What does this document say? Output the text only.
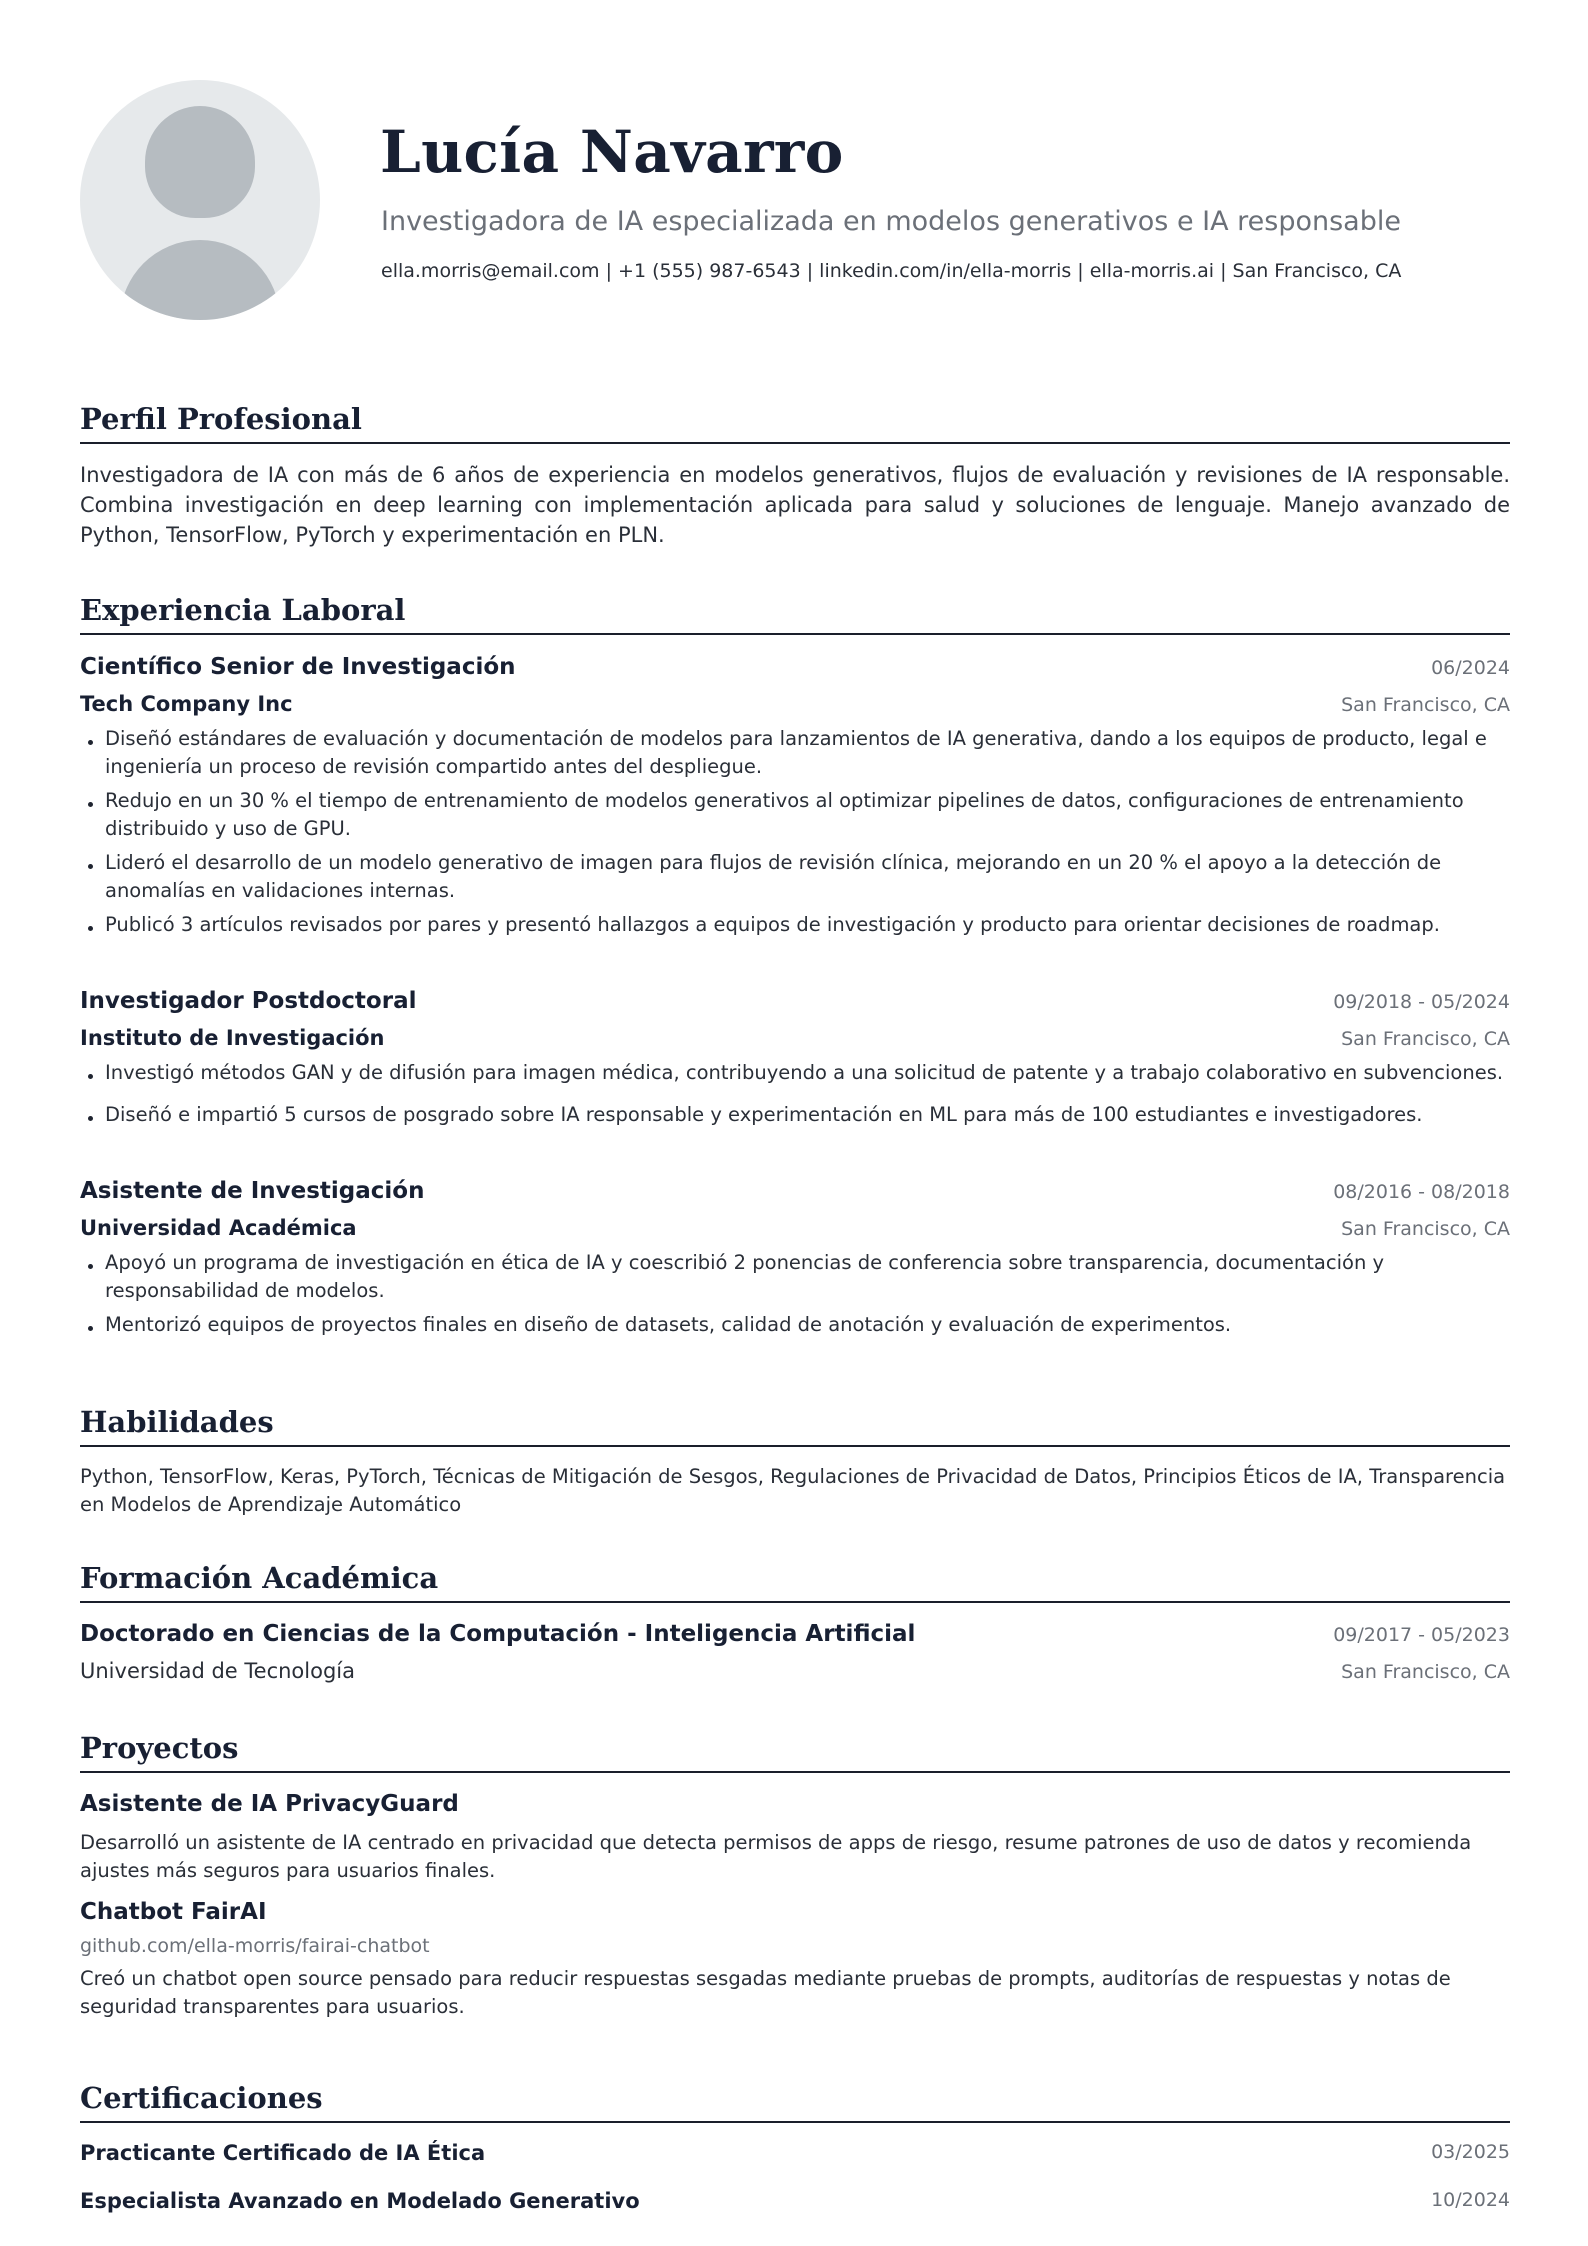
Lucía Navarro
Investigadora de IA especializada en modelos generativos e IA responsable
ella.morris@email.com | +1 (555) 987-6543 | linkedin.com/in/ella-morris | ella-morris.ai | San Francisco, CA
Perfil Profesional
Investigadora de IA con más de 6 años de experiencia en modelos generativos, flujos de evaluación y revisiones de IA responsable. Combina investigación en deep learning con implementación aplicada para salud y soluciones de lenguaje. Manejo avanzado de Python, TensorFlow, PyTorch y experimentación en PLN.
Experiencia Laboral
Científico Senior de Investigación	06/2024
Tech Company Inc	San Francisco, CA
Diseñó estándares de evaluación y documentación de modelos para lanzamientos de IA generativa, dando a los equipos de producto, legal e ingeniería un proceso de revisión compartido antes del despliegue.
Redujo en un 30 % el tiempo de entrenamiento de modelos generativos al optimizar pipelines de datos, configuraciones de entrenamiento distribuido y uso de GPU.
Lideró el desarrollo de un modelo generativo de imagen para flujos de revisión clínica, mejorando en un 20 % el apoyo a la detección de anomalías en validaciones internas.
Publicó 3 artículos revisados por pares y presentó hallazgos a equipos de investigación y producto para orientar decisiones de roadmap.
Investigador Postdoctoral	09/2018 - 05/2024
Instituto de Investigación	San Francisco, CA
Investigó métodos GAN y de difusión para imagen médica, contribuyendo a una solicitud de patente y a trabajo colaborativo en subvenciones.
Diseñó e impartió 5 cursos de posgrado sobre IA responsable y experimentación en ML para más de 100 estudiantes e investigadores.
Asistente de Investigación	08/2016 - 08/2018
Universidad Académica	San Francisco, CA
Apoyó un programa de investigación en ética de IA y coescribió 2 ponencias de conferencia sobre transparencia, documentación y responsabilidad de modelos.
Mentorizó equipos de proyectos finales en diseño de datasets, calidad de anotación y evaluación de experimentos.
Habilidades
Python, TensorFlow, Keras, PyTorch, Técnicas de Mitigación de Sesgos, Regulaciones de Privacidad de Datos, Principios Éticos de IA, Transparencia en Modelos de Aprendizaje Automático
Formación Académica
Doctorado en Ciencias de la Computación - Inteligencia Artificial	09/2017 - 05/2023
Universidad de Tecnología	San Francisco, CA
Proyectos
Asistente de IA PrivacyGuard
Desarrolló un asistente de IA centrado en privacidad que detecta permisos de apps de riesgo, resume patrones de uso de datos y recomienda ajustes más seguros para usuarios finales.
Chatbot FairAI
github.com/ella-morris/fairai-chatbot
Creó un chatbot open source pensado para reducir respuestas sesgadas mediante pruebas de prompts, auditorías de respuestas y notas de seguridad transparentes para usuarios.
Certificaciones
Practicante Certificado de IA Ética	03/2025
Especialista Avanzado en Modelado Generativo	10/2024
